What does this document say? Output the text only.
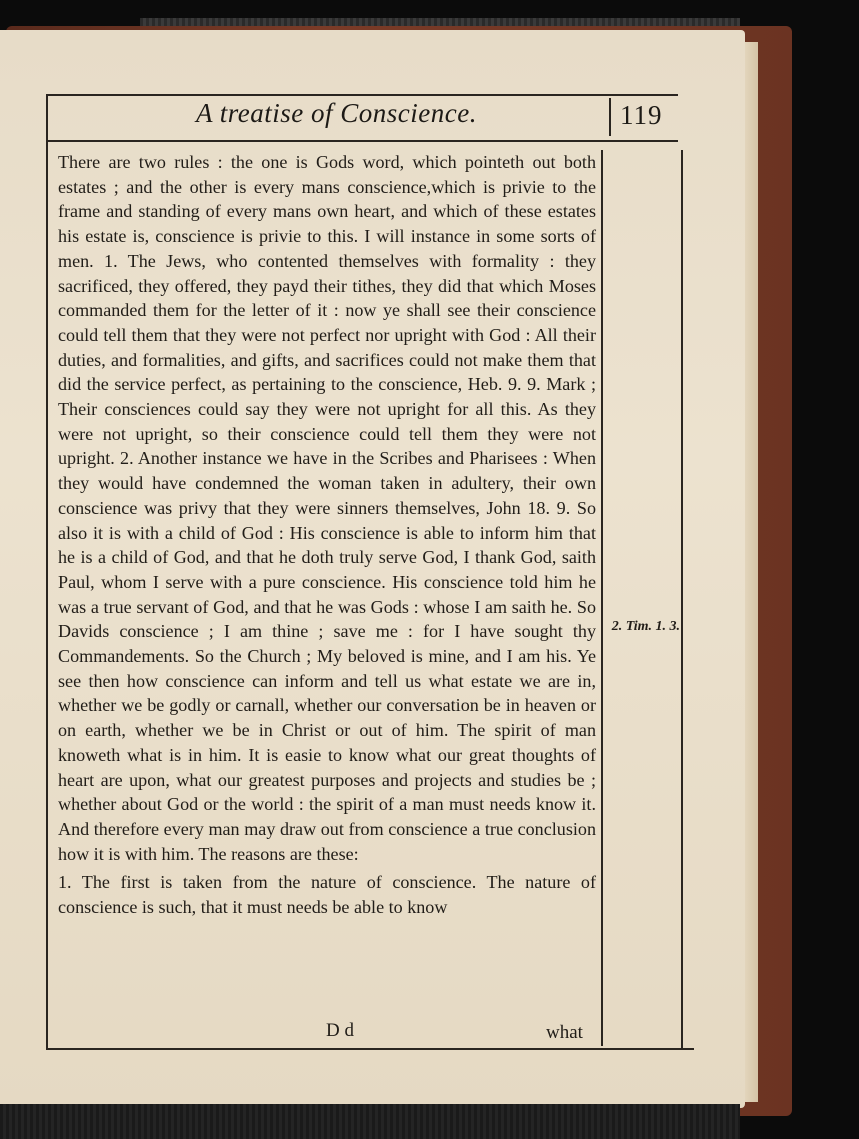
A treatise of Conscience.	119

There are two rules : the one is Gods word, which pointeth out both estates ; and the other is every mans conscience,which is privie to the frame and standing of every mans own heart, and which of these estates his estate is, conscience is privie to this. I will instance in some sorts of men. 1. The Jews, who contented themselves with formality : they sacrificed, they offered, they payd their tithes, they did that which Moses commanded them for the letter of it : now ye shall see their conscience could tell them that they were not perfect nor upright with God : All their duties, and formalities, and gifts, and sacrifices could not make them that did the service perfect, as pertaining to the conscience, Heb. 9. 9. Mark ; Their consciences could say they were not upright for all this. As they were not upright, so their conscience could tell them they were not upright. 2. Another instance we have in the Scribes and Pharisees : When they would have condemned the woman taken in adultery, their own conscience was privy that they were sinners themselves, John 18. 9. So also it is with a child of God : His conscience is able to inform him that he is a child of God, and that he doth truly serve God, I thank God, saith Paul, whom I serve with a pure conscience. His conscience told him he was a true servant of God, and that he was Gods : whose I am saith he. So Davids conscience ; I am thine ; save me : for I have sought thy Commandements. So the Church ; My beloved is mine, and I am his. Ye see then how conscience can inform and tell us what estate we are in, whether we be godly or carnall, whether our conversation be in heaven or on earth, whether we be in Christ or out of him. The spirit of man knoweth what is in him. It is easie to know what our great thoughts of heart are upon, what our greatest purposes and projects and studies be ; whether about God or the world : the spirit of a man must needs know it. And therefore every man may draw out from conscience a true conclusion how it is with him. The reasons are these:

1. The first is taken from the nature of conscience. The nature of conscience is such, that it must needs be able to know

2. Tim. 1. 3.
D d	what
